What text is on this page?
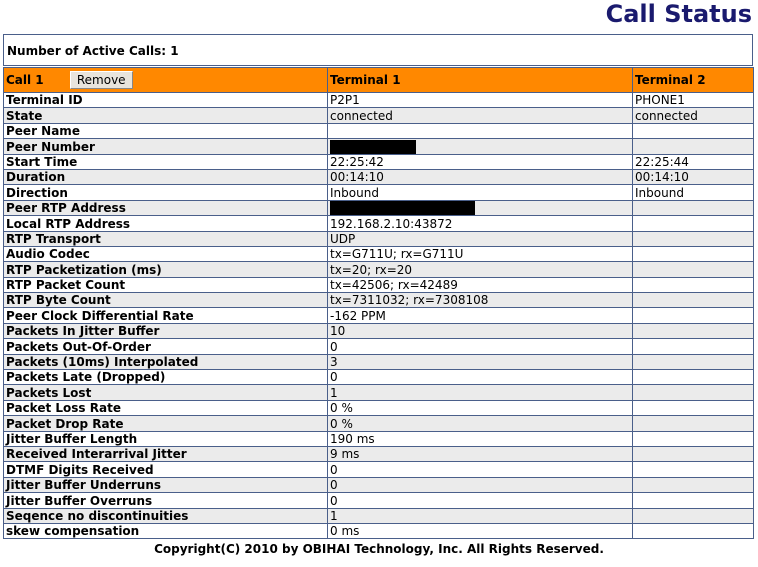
Call Status
Number of Active Calls: 1
Call 1 Remove	Terminal 1	Terminal 2
Terminal ID	P2P1	PHONE1
State	connected	connected
Peer Name		
Peer Number		
Start Time	22:25:42	22:25:44
Duration	00:14:10	00:14:10
Direction	Inbound	Inbound
Peer RTP Address		
Local RTP Address	192.168.2.10:43872	
RTP Transport	UDP	
Audio Codec	tx=G711U; rx=G711U	
RTP Packetization (ms)	tx=20; rx=20	
RTP Packet Count	tx=42506; rx=42489	
RTP Byte Count	tx=7311032; rx=7308108	
Peer Clock Differential Rate	-162 PPM	
Packets In Jitter Buffer	10	
Packets Out-Of-Order	0	
Packets (10ms) Interpolated	3	
Packets Late (Dropped)	0	
Packets Lost	1	
Packet Loss Rate	0 %	
Packet Drop Rate	0 %	
Jitter Buffer Length	190 ms	
Received Interarrival Jitter	9 ms	
DTMF Digits Received	0	
Jitter Buffer Underruns	0	
Jitter Buffer Overruns	0	
Seqence no discontinuities	1	
skew compensation	0 ms	
Copyright(C) 2010 by OBIHAI Technology, Inc. All Rights Reserved.
